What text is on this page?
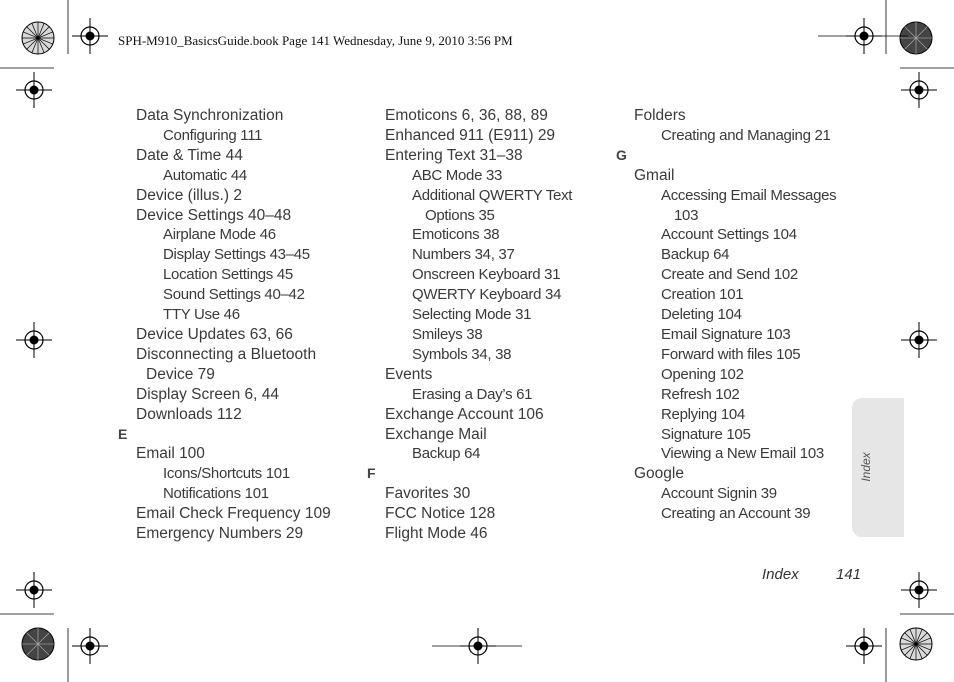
SPH-M910_BasicsGuide.book Page 141 Wednesday, June 9, 2010 3:56 PM
Data Synchronization
Configuring 111
Date & Time 44
Automatic 44
Device (illus.) 2
Device Settings 40–48
Airplane Mode 46
Display Settings 43–45
Location Settings 45
Sound Settings 40–42
TTY Use 46
Device Updates 63, 66
Disconnecting a Bluetooth
Device 79
Display Screen 6, 44
Downloads 112
E
Email 100
Icons/Shortcuts 101
Notifications 101
Email Check Frequency 109
Emergency Numbers 29
Emoticons 6, 36, 88, 89
Enhanced 911 (E911) 29
Entering Text 31–38
ABC Mode 33
Additional QWERTY Text
Options 35
Emoticons 38
Numbers 34, 37
Onscreen Keyboard 31
QWERTY Keyboard 34
Selecting Mode 31
Smileys 38
Symbols 34, 38
Events
Erasing a Day’s 61
Exchange Account 106
Exchange Mail
Backup 64
F
Favorites 30
FCC Notice 128
Flight Mode 46
Folders
Creating and Managing 21
G
Gmail
Accessing Email Messages
103
Account Settings 104
Backup 64
Create and Send 102
Creation 101
Deleting 104
Email Signature 103
Forward with files 105
Opening 102
Refresh 102
Replying 104
Signature 105
Viewing a New Email 103
Google
Account Signin 39
Creating an Account 39
Index
Index 141
